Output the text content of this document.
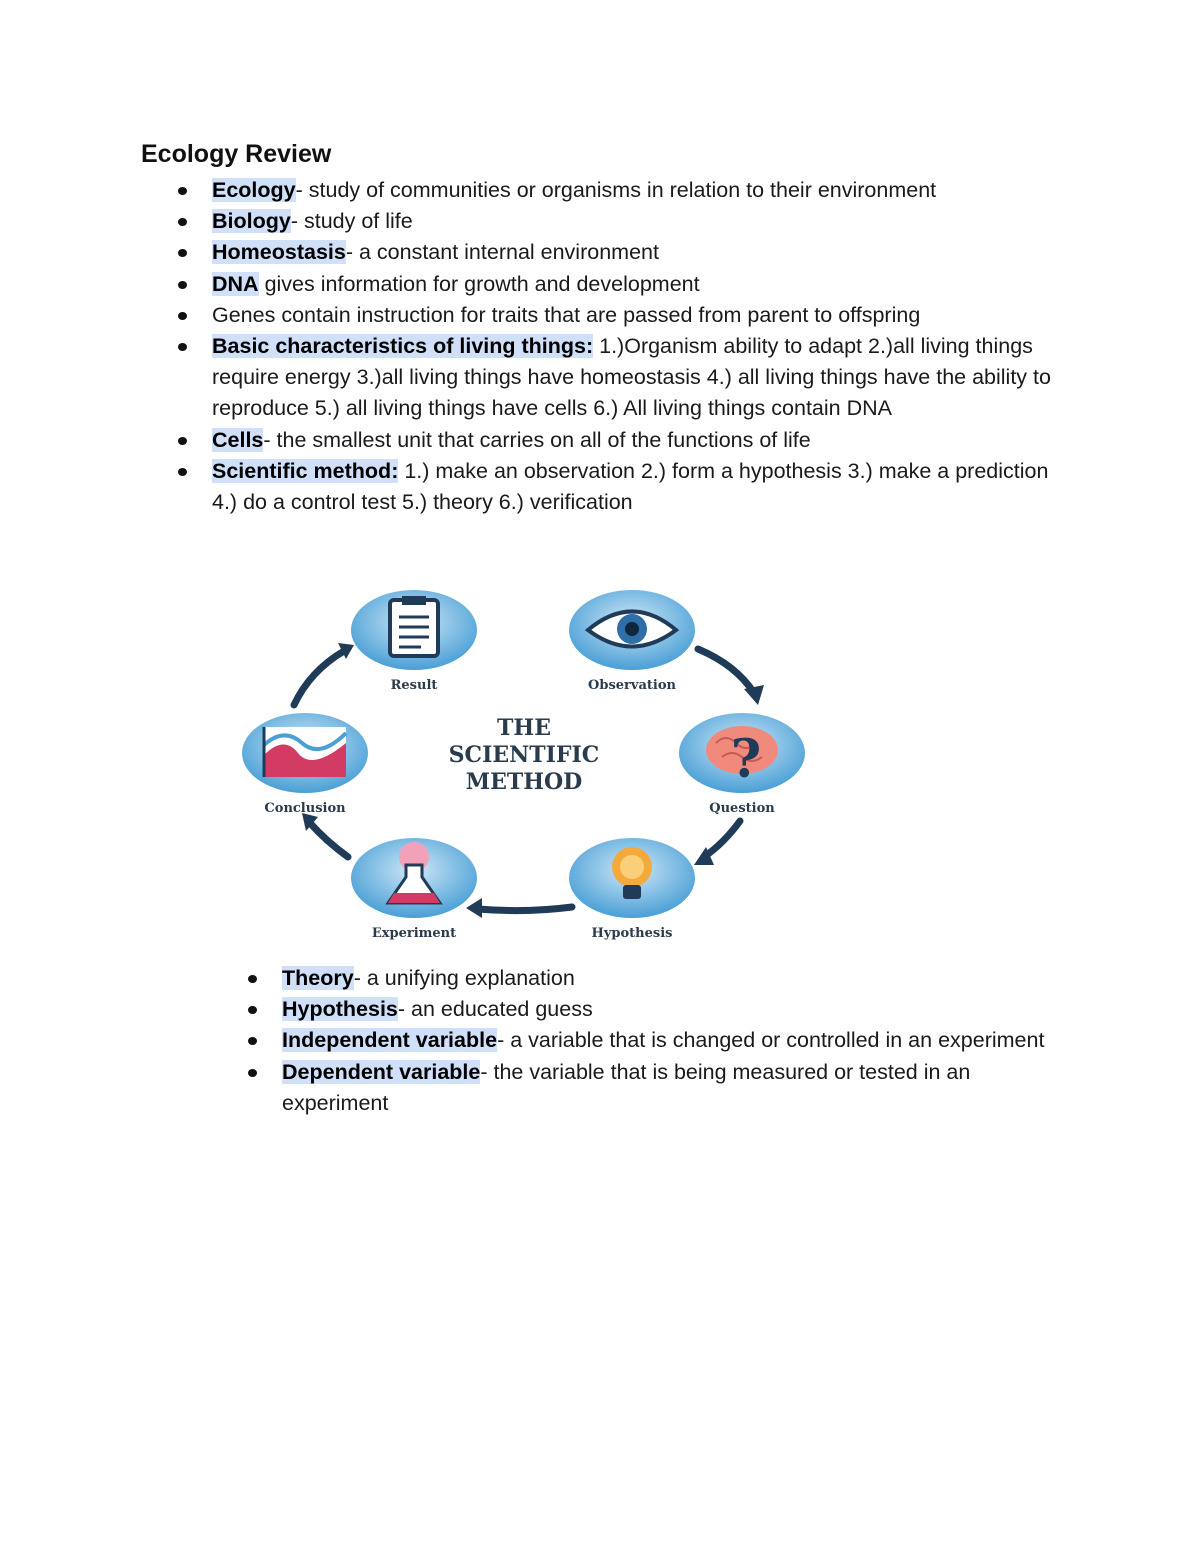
Ecology Review
Ecology- study of communities or organisms in relation to their environment
Biology- study of life
Homeostasis- a constant internal environment
DNA gives information for growth and development
Genes contain instruction for traits that are passed from parent to offspring
Basic characteristics of living things: 1.)Organism ability to adapt 2.)all living things require energy 3.)all living things have homeostasis 4.) all living things have the ability to reproduce 5.) all living things have cells 6.) All living things contain DNA
Cells- the smallest unit that carries on all of the functions of life
Scientific method: 1.) make an observation 2.) form a hypothesis 3.) make a prediction 4.) do a control test 5.) theory 6.) verification
Result	Observation
?
Question
Hypothesis
Experiment
Conclusion
THE
SCIENTIFIC
METHOD
Theory- a unifying explanation
Hypothesis- an educated guess
Independent variable- a variable that is changed or controlled in an experiment
Dependent variable- the variable that is being measured or tested in an experiment
